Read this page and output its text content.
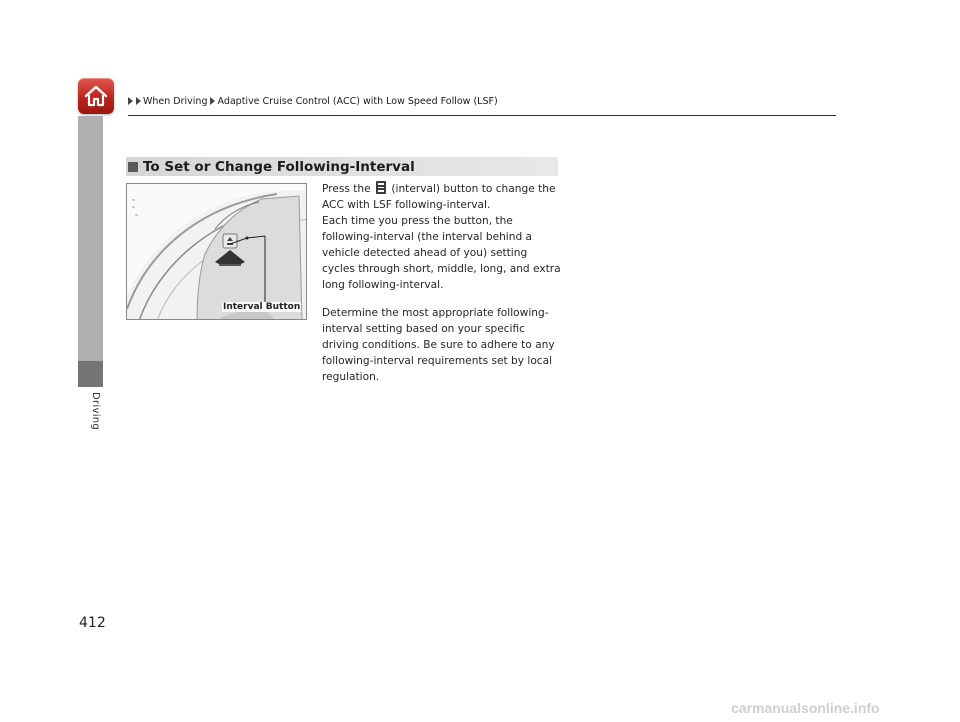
When Driving Adaptive Cruise Control (ACC) with Low Speed Follow (LSF)
Driving
412
To Set or Change Following-Interval
Interval Button

Press the (interval) button to change the ACC with LSF following-interval.
Each time you press the button, the following-interval (the interval behind a vehicle detected ahead of you) setting cycles through short, middle, long, and extra long following-interval.

Determine the most appropriate following-interval setting based on your specific driving conditions. Be sure to adhere to any following-interval requirements set by local regulation.

carmanualsonline.info
